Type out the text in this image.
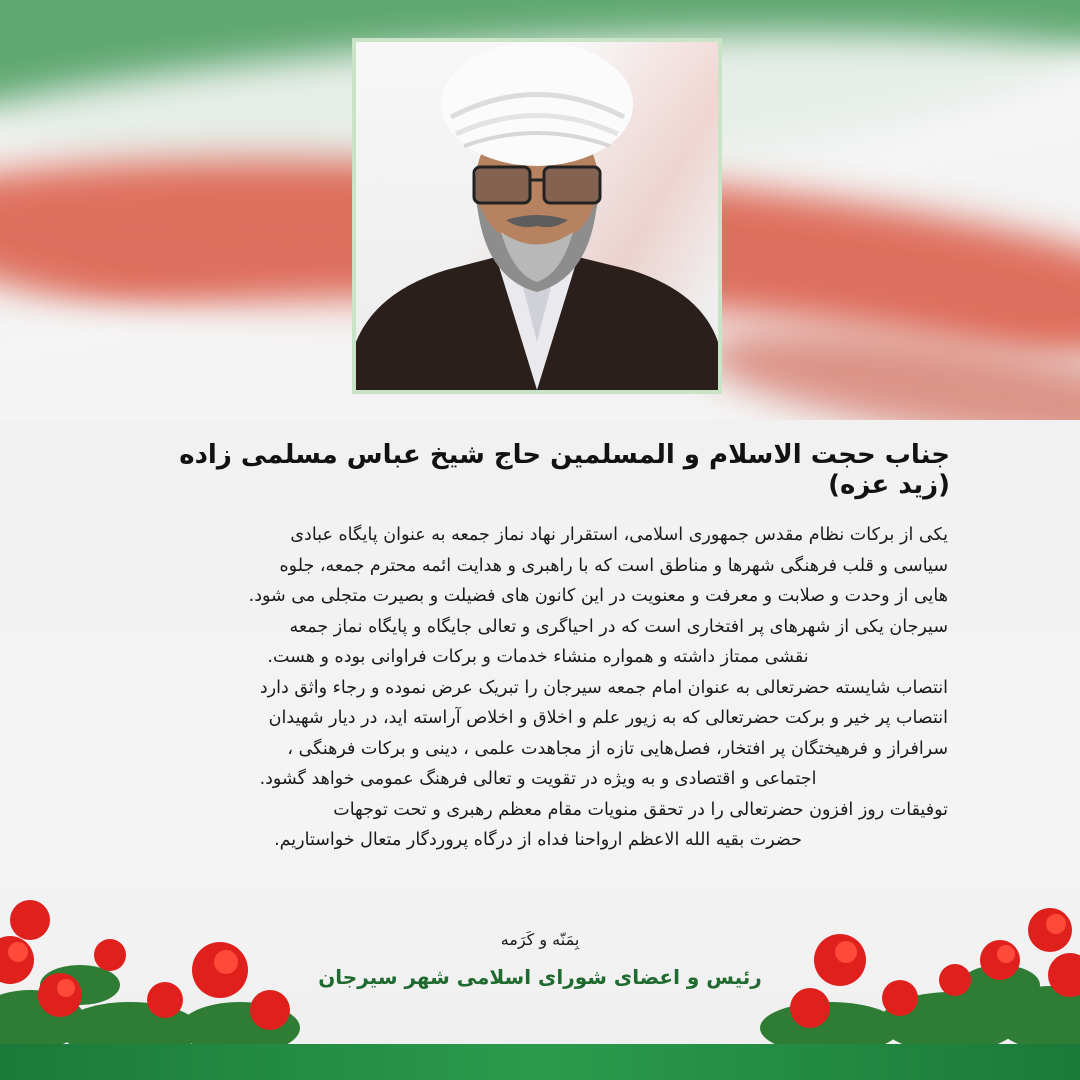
جناب حجت الاسلام و المسلمین حاج شیخ عباس مسلمی زاده (زید عزه)

یکی از برکات نظام مقدس جمهوری اسلامی، استقرار نهاد نماز جمعه به عنوان پایگاه عبادی

سیاسی و قلب فرهنگی شهرها و مناطق است که با راهبری و هدایت ائمه محترم جمعه، جلوه

هایی از وحدت و صلابت و معرفت و معنویت در این کانون های فضیلت و بصیرت متجلی می شود.

سیرجان یکی از شهرهای پر افتخاری است که در احیاگری و تعالی جایگاه و پایگاه نماز جمعه

نقشی ممتاز داشته و همواره منشاء خدمات و برکات فراوانی بوده و هست.

انتصاب شایسته حضرتعالی به عنوان امام جمعه سیرجان را تبریک عرض نموده و رجاء واثق دارد

انتصاب پر خیر و برکت حضرتعالی که به زیور علم و اخلاق و اخلاص آراسته اید، در دیار شهیدان

سرافراز و فرهیختگان پر افتخار، فصل‌هایی تازه از مجاهدت علمی ، دینی و برکات فرهنگی ،

اجتماعی و اقتصادی و به ویژه در تقویت و تعالی فرهنگ عمومی خواهد گشود.

توفیقات روز افزون حضرتعالی را در تحقق منویات مقام معظم رهبری و تحت توجهات

حضرت بقیه الله الاعظم ارواحنا فداه از درگاه پروردگار متعال خواستاریم.

بِمَنّه و کَرَمه
رئیس و اعضای شورای اسلامی شهر سیرجان
